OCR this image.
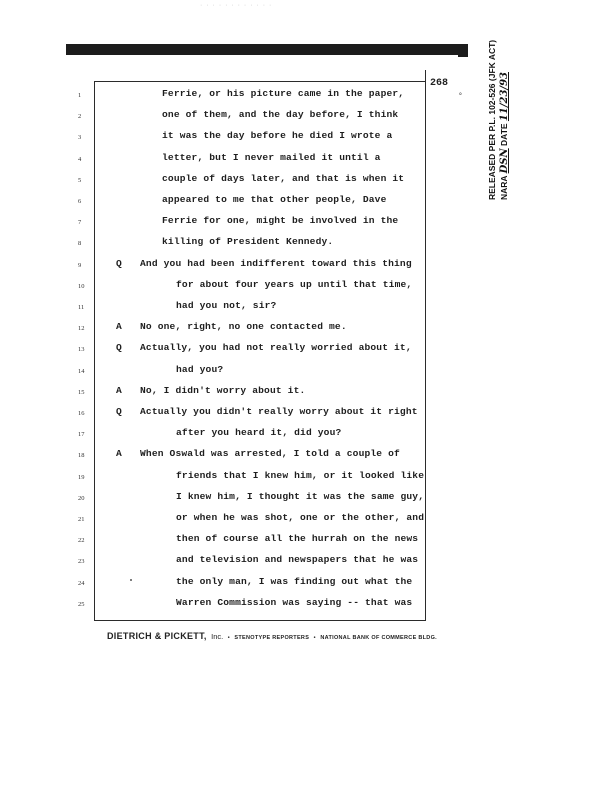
· · · · · · · · · · · ·
268
°	RELEASED PER P.L. 102-526 (JFK ACT) NARA DSN DATE 11/23/93
1	Ferrie, or his picture came in the paper,
2	one of them, and the day before, I think
3	it was the day before he died I wrote a
4	letter, but I never mailed it until a
5	couple of days later, and that is when it
6	appeared to me that other people, Dave
7	Ferrie for one, might be involved in the
8	killing of President Kennedy.
9	Q And you had been indifferent toward this thing
10	for about four years up until that time,
11	had you not, sir?
12	A No one, right, no one contacted me.
13	Q Actually, you had not really worried about it,
14	had you?
15	A No, I didn't worry about it.
16	Q Actually you didn't really worry about it right
17	after you heard it, did you?
18	A When Oswald was arrested, I told a couple of
19	friends that I knew him, or it looked like
20	I knew him, I thought it was the same guy,
21	or when he was shot, one or the other, and
22	then of course all the hurrah on the news
23	and television and newspapers that he was
24	the only man, I was finding out what the
25	Warren Commission was saying -- that was
DIETRICH & PICKETT, Inc. • STENOTYPE REPORTERS • NATIONAL BANK OF COMMERCE BLDG.
